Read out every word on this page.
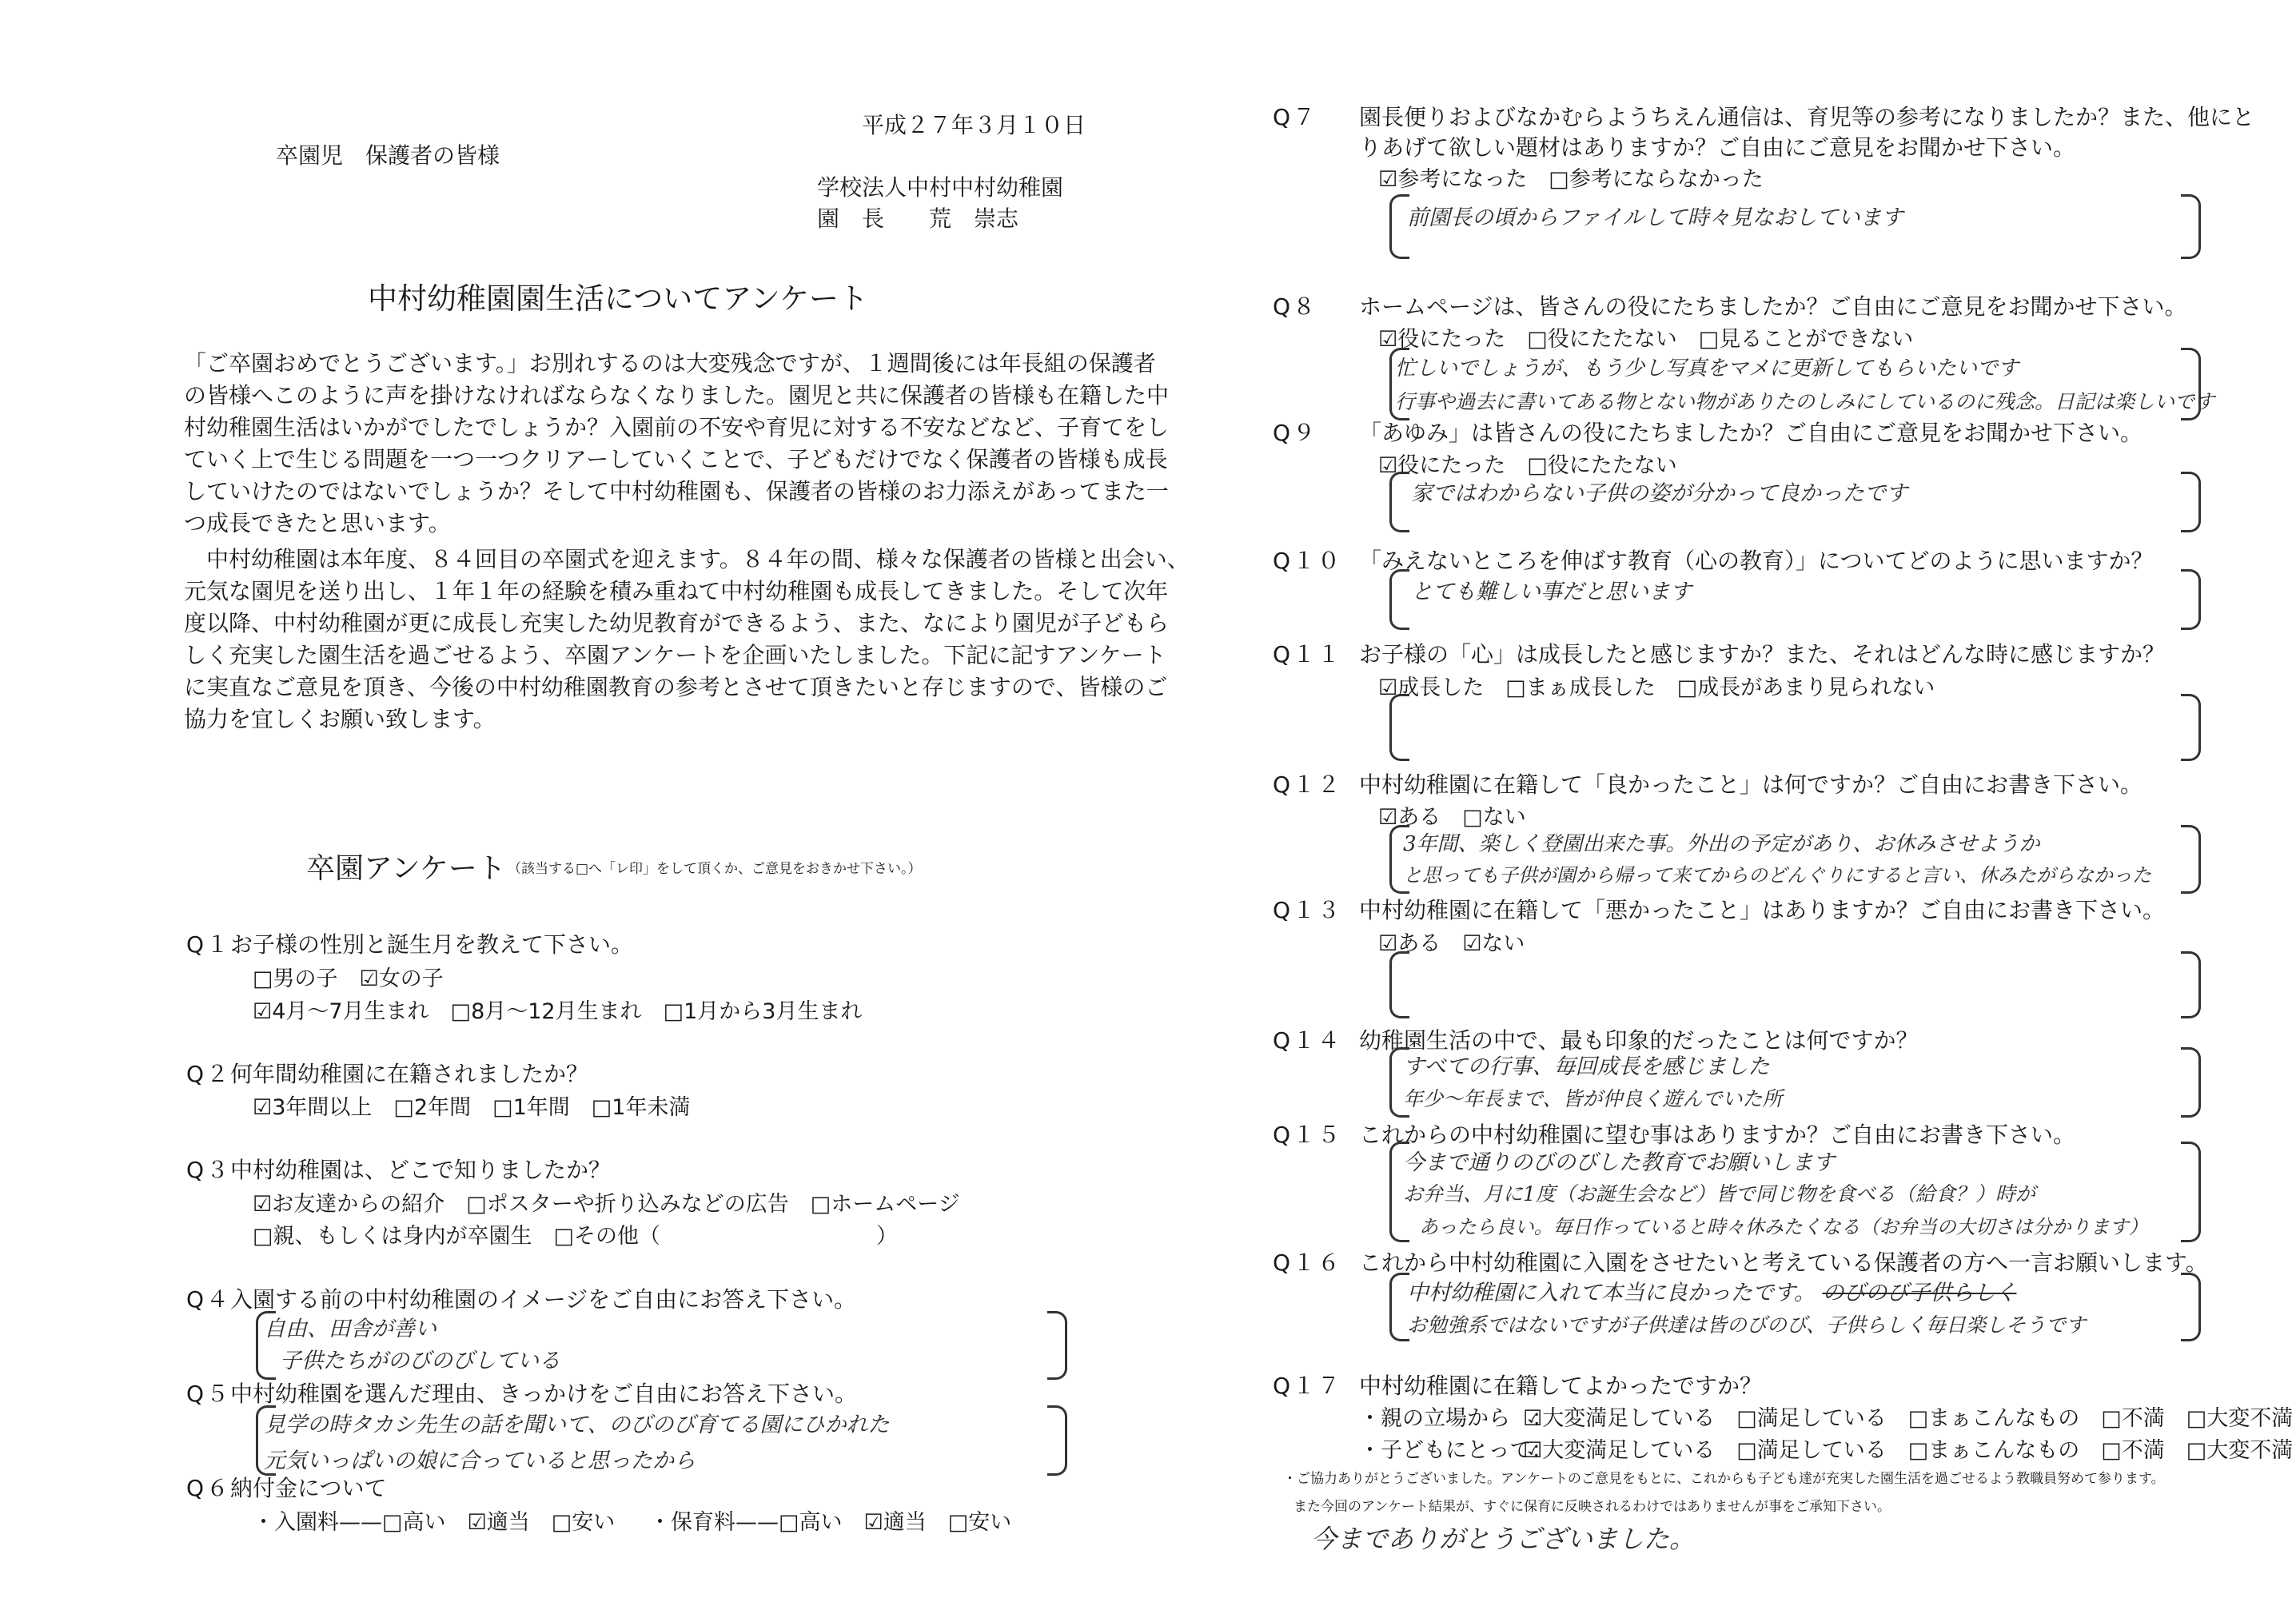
平成２７年３月１０日
卒園児　保護者の皆様
学校法人中村中村幼稚園
園　長　　荒　崇志
中村幼稚園園生活についてアンケート
「ご卒園おめでとうございます。」お別れするのは大変残念ですが、１週間後には年長組の保護者
の皆様へこのように声を掛けなければならなくなりました。園児と共に保護者の皆様も在籍した中
村幼稚園生活はいかがでしたでしょうか？入園前の不安や育児に対する不安などなど、子育てをし
ていく上で生じる問題を一つ一つクリアーしていくことで、子どもだけでなく保護者の皆様も成長
していけたのではないでしょうか？そして中村幼稚園も、保護者の皆様のお力添えがあってまた一
つ成長できたと思います。
中村幼稚園は本年度、８４回目の卒園式を迎えます。８４年の間、様々な保護者の皆様と出会い、
元気な園児を送り出し、１年１年の経験を積み重ねて中村幼稚園も成長してきました。そして次年
度以降、中村幼稚園が更に成長し充実した幼児教育ができるよう、また、なにより園児が子どもら
しく充実した園生活を過ごせるよう、卒園アンケートを企画いたしました。下記に記すアンケート
に実直なご意見を頂き、今後の中村幼稚園教育の参考とさせて頂きたいと存じますので、皆様のご
協力を宜しくお願い致します。
卒園アンケート （該当する□へ「レ印」をして頂くか、ご意見をおきかせ下さい。）
Q１
お子様の性別と誕生月を教えて下さい。
□男の子　☑女の子
☑4月～7月生まれ　□8月～12月生まれ　□1月から3月生まれ
Q２
何年間幼稚園に在籍されましたか？
☑3年間以上　□2年間　□1年間　□1年未満
Q３
中村幼稚園は、どこで知りましたか？
☑お友達からの紹介　□ポスターや折り込みなどの広告　□ホームページ
□親、もしくは身内が卒園生　□その他（　　　　　　　　　　）
Q４
入園する前の中村幼稚園のイメージをご自由にお答え下さい。
自由、田舎が善い
子供たちがのびのびしている
Q５
中村幼稚園を選んだ理由、きっかけをご自由にお答え下さい。
見学の時タカシ先生の話を聞いて、のびのび育てる園にひかれた
元気いっぱいの娘に合っていると思ったから
Q６
納付金について
・入園料——□高い　☑適当　□安い ・保育料——□高い　☑適当　□安い
Q７ 園長便りおよびなかむらようちえん通信は、育児等の参考になりましたか？また、他にと
りあげて欲しい題材はありますか？ご自由にご意見をお聞かせ下さい。
☑参考になった　□参考にならなかった
前園長の頃からファイルして時々見なおしています
Q８ ホームページは、皆さんの役にたちましたか？ご自由にご意見をお聞かせ下さい。
☑役にたった　□役にたたない　□見ることができない
忙しいでしょうが、もう少し写真をマメに更新してもらいたいです
行事や過去に書いてある物とない物がありたのしみにしているのに残念。日記は楽しいです
Q９ 「あゆみ」は皆さんの役にたちましたか？ご自由にご意見をお聞かせ下さい。
☑役にたった　□役にたたない
家ではわからない子供の姿が分かって良かったです
Q１０ 「みえないところを伸ばす教育（心の教育）」についてどのように思いますか？
とても難しい事だと思います
Q１１ お子様の「心」は成長したと感じますか？また、それはどんな時に感じますか？
☑成長した　□まぁ成長した　□成長があまり見られない
Q１２ 中村幼稚園に在籍して「良かったこと」は何ですか？ご自由にお書き下さい。
☑ある　□ない
3年間、楽しく登園出来た事。外出の予定があり、お休みさせようか
と思っても子供が園から帰って来てからのどんぐりにすると言い、休みたがらなかった
Q１３ 中村幼稚園に在籍して「悪かったこと」はありますか？ご自由にお書き下さい。
☑ある　☑ない
Q１４ 幼稚園生活の中で、最も印象的だったことは何ですか？
すべての行事、毎回成長を感じました
年少～年長まで、皆が仲良く遊んでいた所
Q１５ これからの中村幼稚園に望む事はありますか？ご自由にお書き下さい。
今まで通りのびのびした教育でお願いします
お弁当、月に1度（お誕生会など）皆で同じ物を食べる（給食？）時が
あったら良い。毎日作っていると時々休みたくなる（お弁当の大切さは分かります）
Q１６ これから中村幼稚園に入園をさせたいと考えている保護者の方へ一言お願いします。
中村幼稚園に入れて本当に良かったです。 のびのび子供らしく
お勉強系ではないですが子供達は皆のびのび、子供らしく毎日楽しそうです
Q１７ 中村幼稚園に在籍してよかったですか？
・親の立場から　：
☑大変満足している　□満足している　□まぁこんなもの　□不満　□大変不満
・子どもにとって：
☑大変満足している　□満足している　□まぁこんなもの　□不満　□大変不満
・ご協力ありがとうございました。アンケートのご意見をもとに、これからも子ども達が充実した園生活を過ごせるよう教職員努めて参ります。
また今回のアンケート結果が、すぐに保育に反映されるわけではありませんが事をご承知下さい。
今までありがとうございました。
